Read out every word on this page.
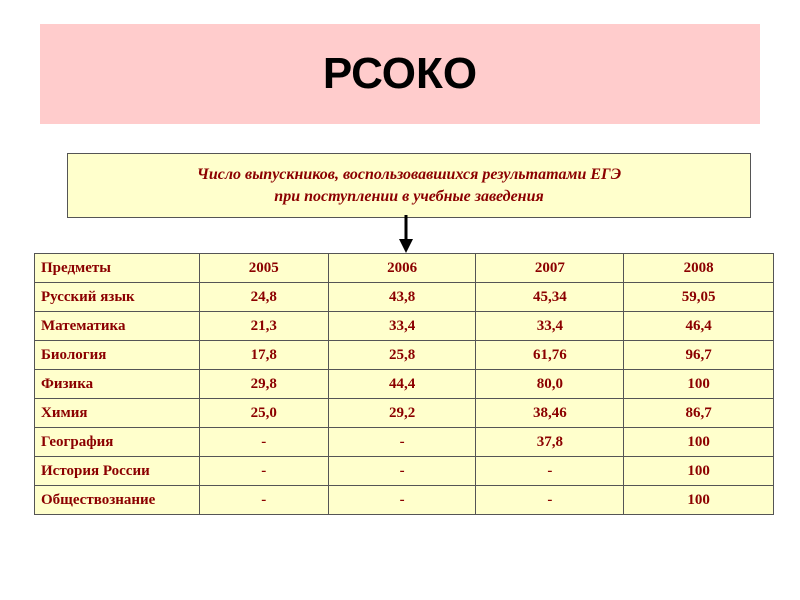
РСОКО
Число выпускников, воспользовавшихся результатами ЕГЭ
при поступлении в учебные заведения
Предметы	2005	2006	2007	2008
Русский язык	24,8	43,8	45,34	59,05
Математика	21,3	33,4	33,4	46,4
Биология	17,8	25,8	61,76	96,7
Физика	29,8	44,4	80,0	100
Химия	25,0	29,2	38,46	86,7
География	-	-	37,8	100
История России	-	-	-	100
Обществознание	-	-	-	100
